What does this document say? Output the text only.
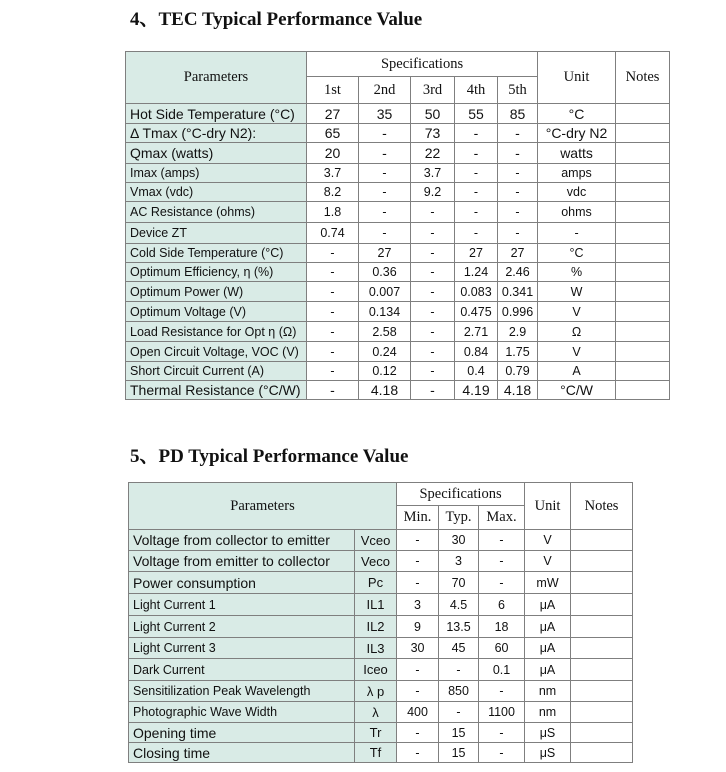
4、TEC Typical Performance Value
Parameters	Specifications					Unit	Notes
	1st	2nd	3rd	4th	5th		
Hot Side Temperature (°C)	27	35	50	55	85	°C	
Δ Tmax (°C-dry N2):	65	-	73	-	-	°C-dry N2	
Qmax (watts)	20	-	22	-	-	watts	
Imax (amps)	3.7	-	3.7	-	-	amps	
Vmax (vdc)	8.2	-	9.2	-	-	vdc	
AC Resistance (ohms)	1.8	-	-	-	-	ohms	
Device ZT	0.74	-	-	-	-	-	
Cold Side Temperature (°C)	-	27	-	27	27	°C	
Optimum Efficiency, η (%)	-	0.36	-	1.24	2.46	%	
Optimum Power (W)	-	0.007	-	0.083	0.341	W	
Optimum Voltage (V)	-	0.134	-	0.475	0.996	V	
Load Resistance for Opt η (Ω)	-	2.58	-	2.71	2.9	Ω	
Open Circuit Voltage, VOC (V)	-	0.24	-	0.84	1.75	V	
Short Circuit Current (A)	-	0.12	-	0.4	0.79	A	
Thermal Resistance (°C/W)	-	4.18	-	4.19	4.18	°C/W	
5、PD Typical Performance Value
Parameters		Specifications			Unit	Notes
		Min.	Typ.	Max.		
Voltage from collector to emitter	Vceo	-	30	-	V	
Voltage from emitter to collector	Veco	-	3	-	V	
Power consumption	Pc	-	70	-	mW	
Light Current 1	IL1	3	4.5	6	μA	
Light Current 2	IL2	9	13.5	18	μA	
Light Current 3	IL3	30	45	60	μA	
Dark Current	Iceo	-	-	0.1	μA	
Sensitilization Peak Wavelength	λ p	-	850	-	nm	
Photographic Wave Width	λ	400	-	1100	nm	
Opening time	Tr	-	15	-	μS	
Closing time	Tf	-	15	-	μS	
